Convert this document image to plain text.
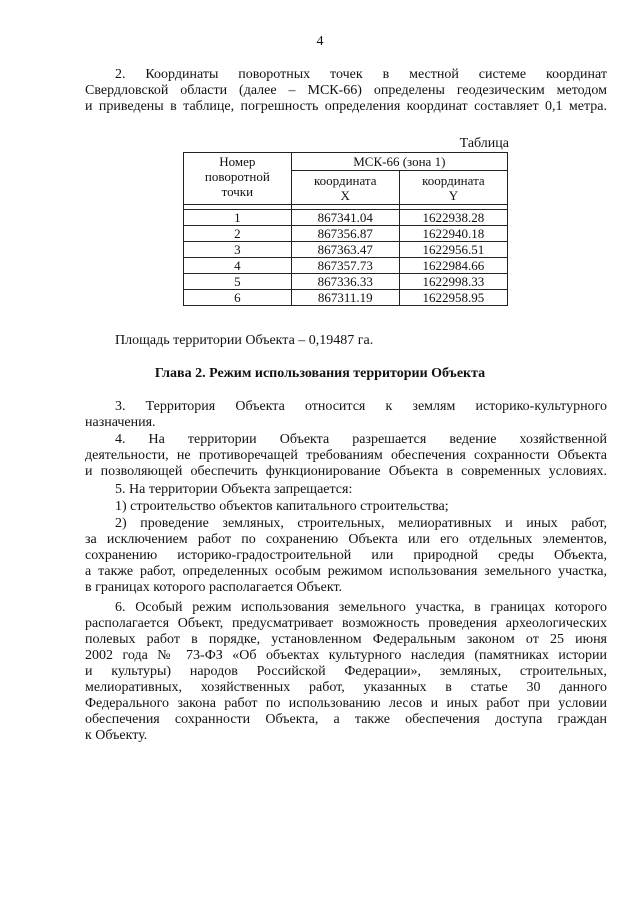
4
2. Координаты поворотных точек в местной системе координат
Свердловской области (далее – МСК-66) определены геодезическим методом
и приведены в таблице, погрешность определения координат составляет 0,1 метра.
Таблица
Номер поворотной точки	МСК-66 (зона 1)	

	координата X	координата Y

1	867341.04	1622938.28
2	867356.87	1622940.18
3	867363.47	1622956.51
4	867357.73	1622984.66
5	867336.33	1622998.33
6	867311.19	1622958.95
Площадь территории Объекта – 0,19487 га.
Глава 2. Режим использования территории Объекта
3. Территория Объекта относится к землям историко-культурного
назначения.
4. На территории Объекта разрешается ведение хозяйственной
деятельности, не противоречащей требованиям обеспечения сохранности Объекта
и позволяющей обеспечить функционирование Объекта в современных условиях.
5. На территории Объекта запрещается:
1) строительство объектов капитального строительства;
2) проведение земляных, строительных, мелиоративных и иных работ,
за исключением работ по сохранению Объекта или его отдельных элементов,
сохранению историко-градостроительной или природной среды Объекта,
а также работ, определенных особым режимом использования земельного участка,
в границах которого располагается Объект.
6. Особый режим использования земельного участка, в границах которого
располагается Объект, предусматривает возможность проведения археологических
полевых работ в порядке, установленном Федеральным законом от 25 июня
2002 года № 73-ФЗ «Об объектах культурного наследия (памятниках истории
и культуры) народов Российской Федерации», земляных, строительных,
мелиоративных, хозяйственных работ, указанных в статье 30 данного
Федерального закона работ по использованию лесов и иных работ при условии
обеспечения сохранности Объекта, а также обеспечения доступа граждан
к Объекту.
